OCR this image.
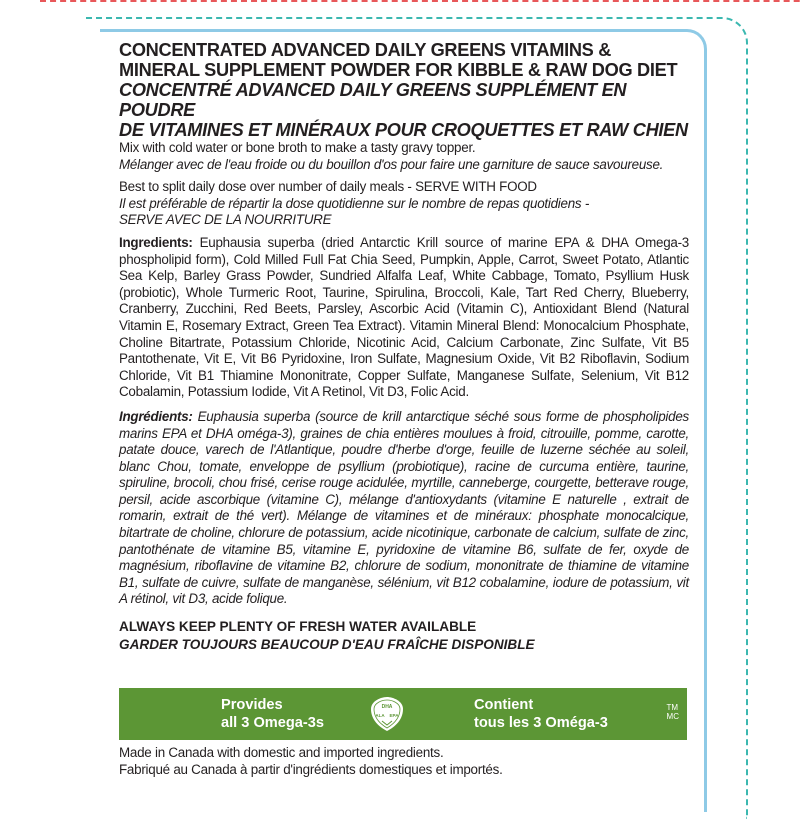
CONCENTRATED ADVANCED DAILY GREENS VITAMINS &
MINERAL SUPPLEMENT POWDER FOR KIBBLE & RAW DOG DIET
CONCENTRÉ ADVANCED DAILY GREENS SUPPLÉMENT EN POUDRE
DE VITAMINES ET MINÉRAUX POUR CROQUETTES ET RAW CHIEN
Mix with cold water or bone broth to make a tasty gravy topper.
Mélanger avec de l'eau froide ou du bouillon d'os pour faire une garniture de sauce savoureuse.
Best to split daily dose over number of daily meals - SERVE WITH FOOD
Il est préférable de répartir la dose quotidienne sur le nombre de repas quotidiens -
SERVE AVEC DE LA NOURRITURE
Ingredients: Euphausia superba (dried Antarctic Krill source of marine EPA & DHA Omega-3 phospholipid form), Cold Milled Full Fat Chia Seed, Pumpkin, Apple, Carrot, Sweet Potato, Atlantic Sea Kelp, Barley Grass Powder, Sundried Alfalfa Leaf, White Cabbage, Tomato, Psyllium Husk (probiotic), Whole Turmeric Root, Taurine, Spirulina, Broccoli, Kale, Tart Red Cherry, Blueberry, Cranberry, Zucchini, Red Beets, Parsley, Ascorbic Acid (Vitamin C), Antioxidant Blend (Natural Vitamin E, Rosemary Extract, Green Tea Extract). Vitamin Mineral Blend: Monocalcium Phosphate, Choline Bitartrate, Potassium Chloride, Nicotinic Acid, Calcium Carbonate, Zinc Sulfate, Vit B5 Pantothenate, Vit E, Vit B6 Pyridoxine, Iron Sulfate, Magnesium Oxide, Vit B2 Riboflavin, Sodium Chloride, Vit B1 Thiamine Mononitrate, Copper Sulfate, Manganese Sulfate, Selenium, Vit B12 Cobalamin, Potassium Iodide, Vit A Retinol, Vit D3, Folic Acid.
Ingrédients: Euphausia superba (source de krill antarctique séché sous forme de phospholipides marins EPA et DHA oméga-3), graines de chia entières moulues à froid, citrouille, pomme, carotte, patate douce, varech de l'Atlantique, poudre d'herbe d'orge, feuille de luzerne séchée au soleil, blanc Chou, tomate, enveloppe de psyllium (probiotique), racine de curcuma entière, taurine, spiruline, brocoli, chou frisé, cerise rouge acidulée, myrtille, canneberge, courgette, betterave rouge, persil, acide ascorbique (vitamine C), mélange d'antioxydants (vitamine E naturelle , extrait de romarin, extrait de thé vert). Mélange de vitamines et de minéraux: phosphate monocalcique, bitartrate de choline, chlorure de potassium, acide nicotinique, carbonate de calcium, sulfate de zinc, pantothénate de vitamine B5, vitamine E, pyridoxine de vitamine B6, sulfate de fer, oxyde de magnésium, riboflavine de vitamine B2, chlorure de sodium, mononitrate de thiamine de vitamine B1, sulfate de cuivre, sulfate de manganèse, sélénium, vit B12 cobalamine, iodure de potassium, vit A rétinol, vit D3, acide folique.
ALWAYS KEEP PLENTY OF FRESH WATER AVAILABLE
GARDER TOUJOURS BEAUCOUP D'EAU FRAÎCHE DISPONIBLE
Provides
all 3 Omega-3s
DHA
ALA EPA
Contient
tous les 3 Oméga-3
TM
MC
Made in Canada with domestic and imported ingredients.
Fabriqué au Canada à partir d'ingrédients domestiques et importés.
